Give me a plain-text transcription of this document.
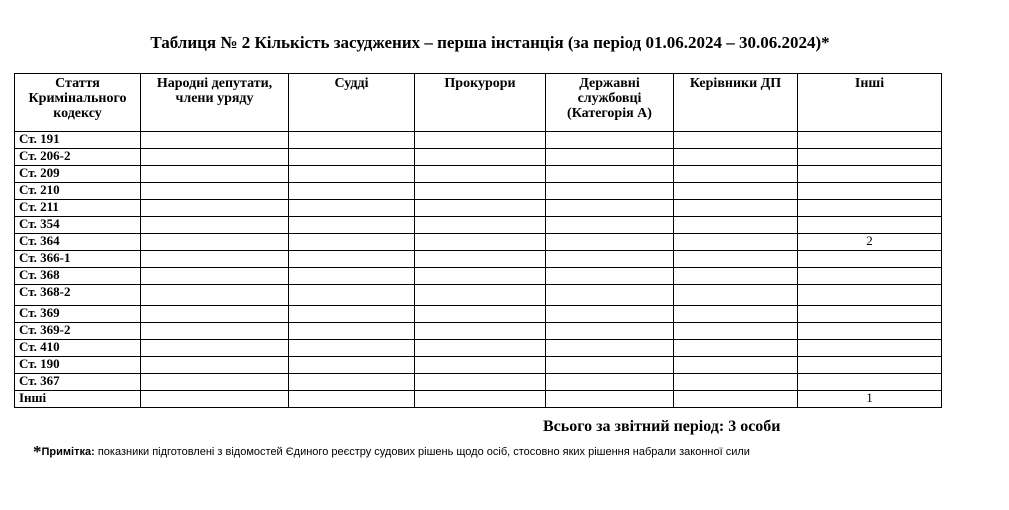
Таблиця № 2 Кількість засуджених – перша інстанція (за період 01.06.2024 – 30.06.2024)*
Стаття Кримінального кодексу	Народні депутати, члени уряду	Судді	Прокурори	Державні службовці (Категорія А)	Керівники ДП	Інші
Ст. 191						
Ст. 206-2						
Ст. 209						
Ст. 210						
Ст. 211						
Ст. 354						
Ст. 364						2
Ст. 366-1						
Ст. 368						
Ст. 368-2						
Ст. 369						
Ст. 369-2						
Ст. 410						
Ст. 190						
Ст. 367						
Інші						1
Всього за звітний період: 3 особи
*Примітка: показники підготовлені з відомостей Єдиного реєстру судових рішень щодо осіб, стосовно яких рішення набрали законної сили
